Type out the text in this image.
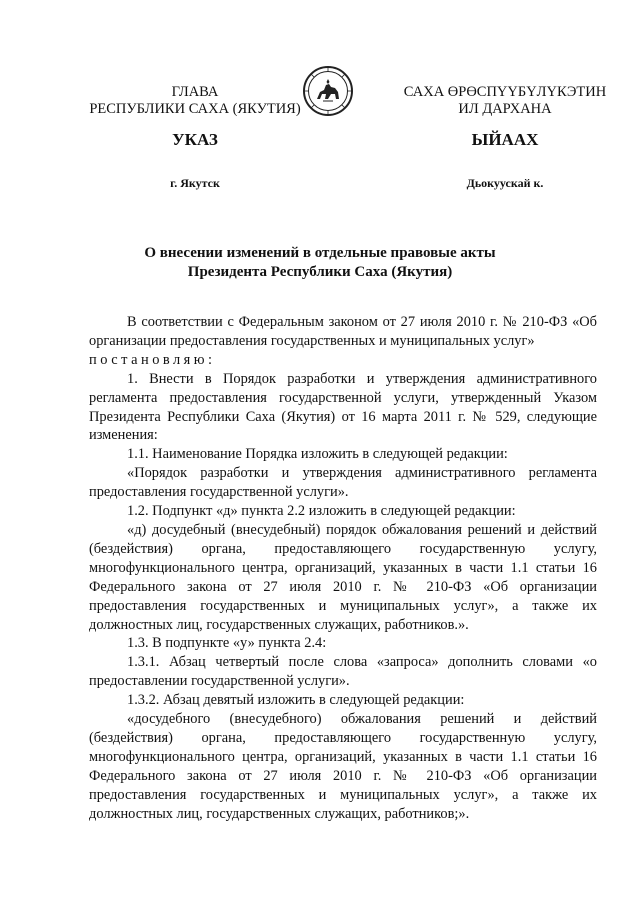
ГЛАВА
РЕСПУБЛИКИ САХА (ЯКУТИЯ)
САХА ӨРӨСПҮҮБҮЛҮКЭТИН
ИЛ ДАРХАНА
УКАЗ	ЫЙААХ
г. Якутск	Дьокуускай к.
О внесении изменений в отдельные правовые акты
Президента Республики Саха (Якутия)

В соответствии с Федеральным законом от 27 июля 2010 г. № 210-ФЗ «Об организации предоставления государственных и муниципальных услуг»

постановляю:

1. Внести в Порядок разработки и утверждения административного регламента предоставления государственной услуги, утвержденный Указом Президента Республики Саха (Якутия) от 16 марта 2011 г. № 529, следующие изменения:

1.1. Наименование Порядка изложить в следующей редакции:

«Порядок разработки и утверждения административного регламента предоставления государственной услуги».

1.2. Подпункт «д» пункта 2.2 изложить в следующей редакции:

«д) досудебный (внесудебный) порядок обжалования решений и действий (бездействия) органа, предоставляющего государственную услугу, многофункционального центра, организаций, указанных в части 1.1 статьи 16 Федерального закона от 27 июля 2010 г. № 210-ФЗ «Об организации предоставления государственных и муниципальных услуг», а также их должностных лиц, государственных служащих, работников.».

1.3. В подпункте «у» пункта 2.4:

1.3.1. Абзац четвертый после слова «запроса» дополнить словами «о предоставлении государственной услуги».

1.3.2. Абзац девятый изложить в следующей редакции:

«досудебного (внесудебного) обжалования решений и действий (бездействия) органа, предоставляющего государственную услугу, многофункционального центра, организаций, указанных в части 1.1 статьи 16 Федерального закона от 27 июля 2010 г. № 210-ФЗ «Об организации предоставления государственных и муниципальных услуг», а также их должностных лиц, государственных служащих, работников;».
